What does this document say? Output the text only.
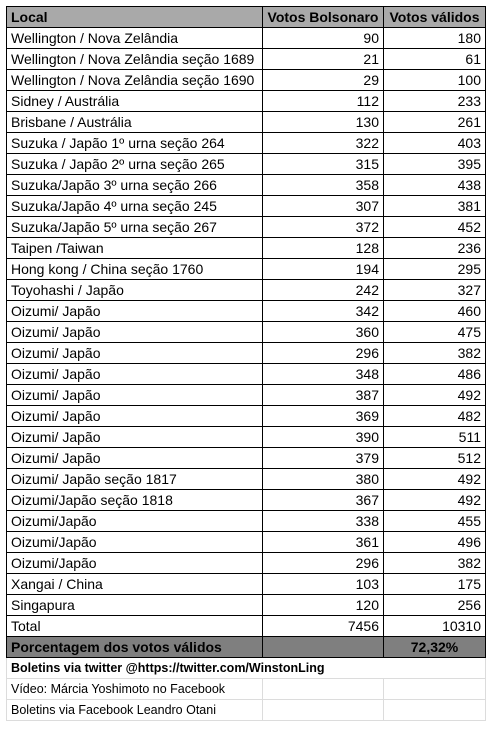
Local	Votos Bolsonaro	Votos válidos
Wellington / Nova Zelândia	90	180
Wellington / Nova Zelândia seção 1689	21	61
Wellington / Nova Zelândia seção 1690	29	100
Sidney / Austrália	112	233
Brisbane / Austrália	130	261
Suzuka / Japão 1º urna seção 264	322	403
Suzuka / Japão 2º urna seção 265	315	395
Suzuka/Japão 3º urna seção 266	358	438
Suzuka/Japão 4º urna seção 245	307	381
Suzuka/Japão 5º urna seção 267	372	452
Taipen /Taiwan	128	236
Hong kong / China seção 1760	194	295
Toyohashi / Japão	242	327
Oizumi/ Japão	342	460
Oizumi/ Japão	360	475
Oizumi/ Japão	296	382
Oizumi/ Japão	348	486
Oizumi/ Japão	387	492
Oizumi/ Japão	369	482
Oizumi/ Japão	390	511
Oizumi/ Japão	379	512
Oizumi/ Japão seção 1817	380	492
Oizumi/Japão seção 1818	367	492
Oizumi/Japão	338	455
Oizumi/Japão	361	496
Oizumi/Japão	296	382
Xangai / China	103	175
Singapura	120	256
Total	7456	10310
Porcentagem dos votos válidos		72,32%
Boletins via twitter @https://twitter.com/WinstonLing		
Vídeo: Márcia Yoshimoto no Facebook		
Boletins via Facebook Leandro Otani		
